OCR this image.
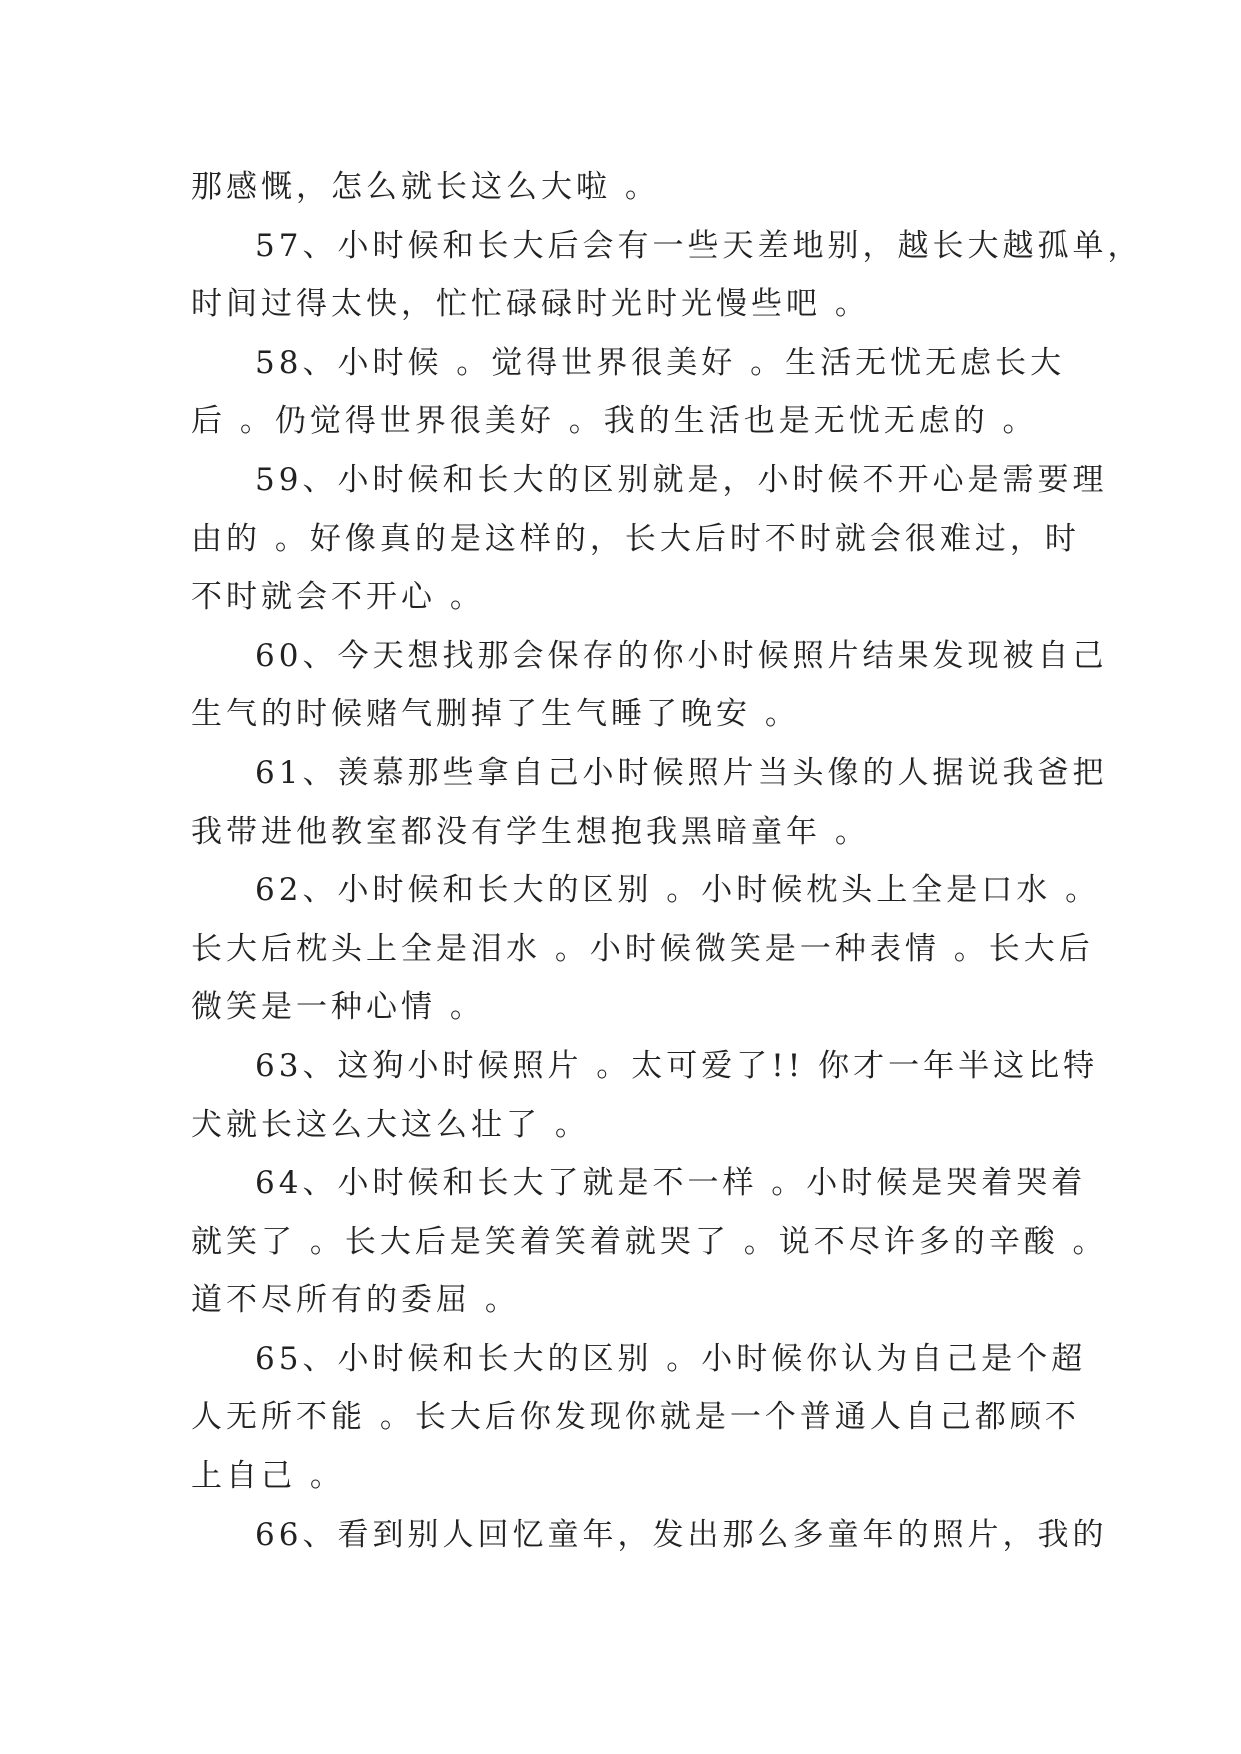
那感慨，怎么就长这么大啦 。
57、小时候和长大后会有一些天差地别，越长大越孤单，
时间过得太快，忙忙碌碌时光时光慢些吧 。
58、小时候 。觉得世界很美好 。生活无忧无虑长大
后 。仍觉得世界很美好 。我的生活也是无忧无虑的 。
59、小时候和长大的区别就是，小时候不开心是需要理
由的 。好像真的是这样的，长大后时不时就会很难过，时
不时就会不开心 。
60、今天想找那会保存的你小时候照片结果发现被自己
生气的时候赌气删掉了生气睡了晚安 。
61、羡慕那些拿自己小时候照片当头像的人据说我爸把
我带进他教室都没有学生想抱我黑暗童年 。
62、小时候和长大的区别 。小时候枕头上全是口水 。
长大后枕头上全是泪水 。小时候微笑是一种表情 。长大后
微笑是一种心情 。
63、这狗小时候照片 。太可爱了!! 你才一年半这比特
犬就长这么大这么壮了 。
64、小时候和长大了就是不一样 。小时候是哭着哭着
就笑了 。长大后是笑着笑着就哭了 。说不尽许多的辛酸 。
道不尽所有的委屈 。
65、小时候和长大的区别 。小时候你认为自己是个超
人无所不能 。长大后你发现你就是一个普通人自己都顾不
上自己 。
66、看到别人回忆童年，发出那么多童年的照片，我的
